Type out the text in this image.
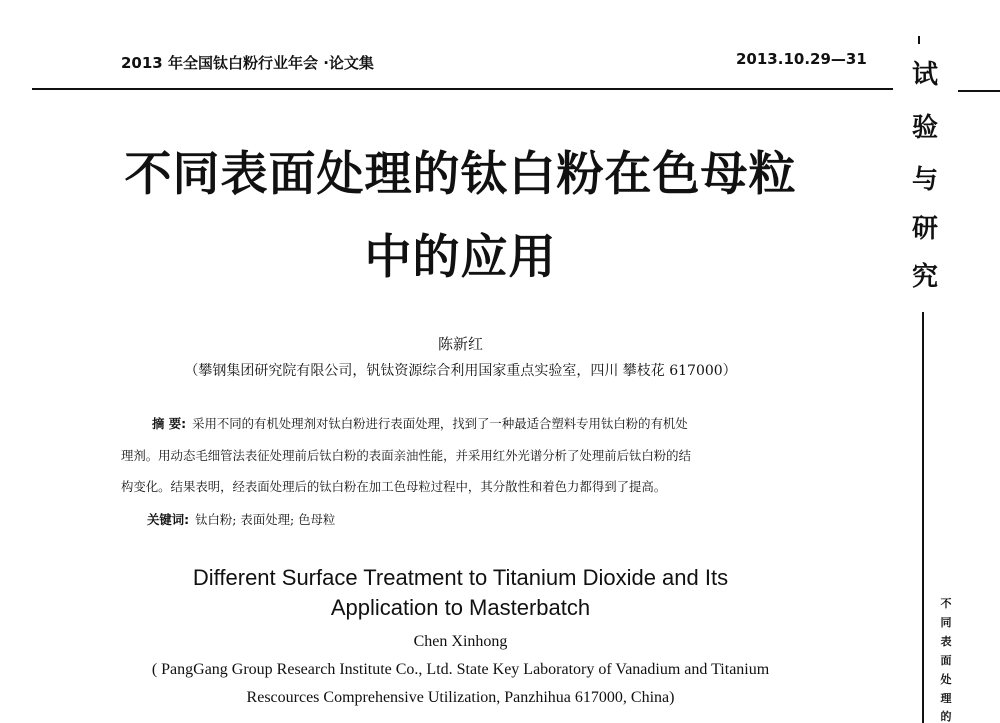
2013 年全国钛白粉行业年会 ·论文集	2013.10.29—31
试
验
与
研
究
不
同
表
面
处
理
的
不同表面处理的钛白粉在色母粒
中的应用
陈新红
（攀钢集团研究院有限公司，钒钛资源综合利用国家重点实验室，四川 攀枝花 617000）
摘 要: 采用不同的有机处理剂对钛白粉进行表面处理，找到了一种最适合塑料专用钛白粉的有机处
理剂。用动态毛细管法表征处理前后钛白粉的表面亲油性能，并采用红外光谱分析了处理前后钛白粉的结
构变化。结果表明，经表面处理后的钛白粉在加工色母粒过程中，其分散性和着色力都得到了提高。
关键词: 钛白粉; 表面处理; 色母粒
Different Surface Treatment to Titanium Dioxide and Its
Application to Masterbatch
Chen Xinhong
( PangGang Group Research Institute Co., Ltd. State Key Laboratory of Vanadium and Titanium
Rescources Comprehensive Utilization, Panzhihua 617000, China)
